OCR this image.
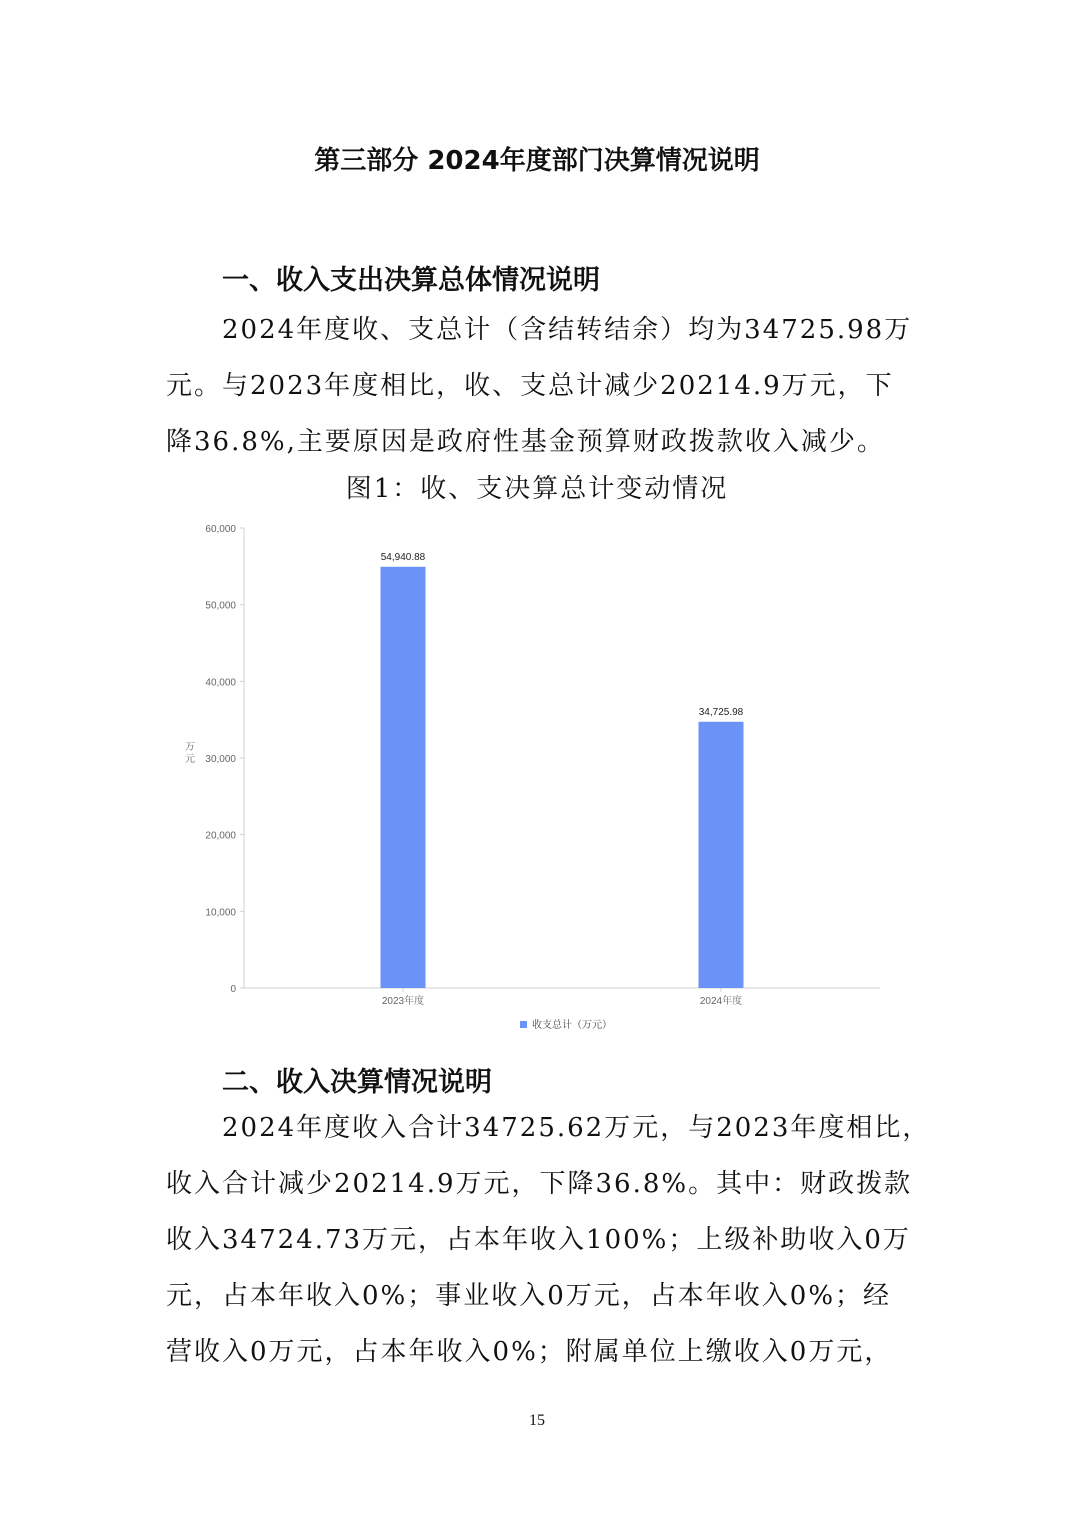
第三部分 2024年度部门决算情况说明
一、收入支出决算总体情况说明
2024年度收、支总计（含结转结余）均为34725.98万
元。与2023年度相比，收、支总计减少20214.9万元，下
降36.8%,主要原因是政府性基金预算财政拨款收入减少。
图1：收、支决算总计变动情况
0
10,000
20,000
30,000
40,000
50,000
60,000
万
元
54,940.88
2023年度
34,725.98
2024年度
收支总计（万元）
二、收入决算情况说明
2024年度收入合计34725.62万元，与2023年度相比，
收入合计减少20214.9万元，下降36.8%。其中：财政拨款
收入34724.73万元，占本年收入100%；上级补助收入0万
元，占本年收入0%；事业收入0万元，占本年收入0%；经
营收入0万元，占本年收入0%；附属单位上缴收入0万元，
15
